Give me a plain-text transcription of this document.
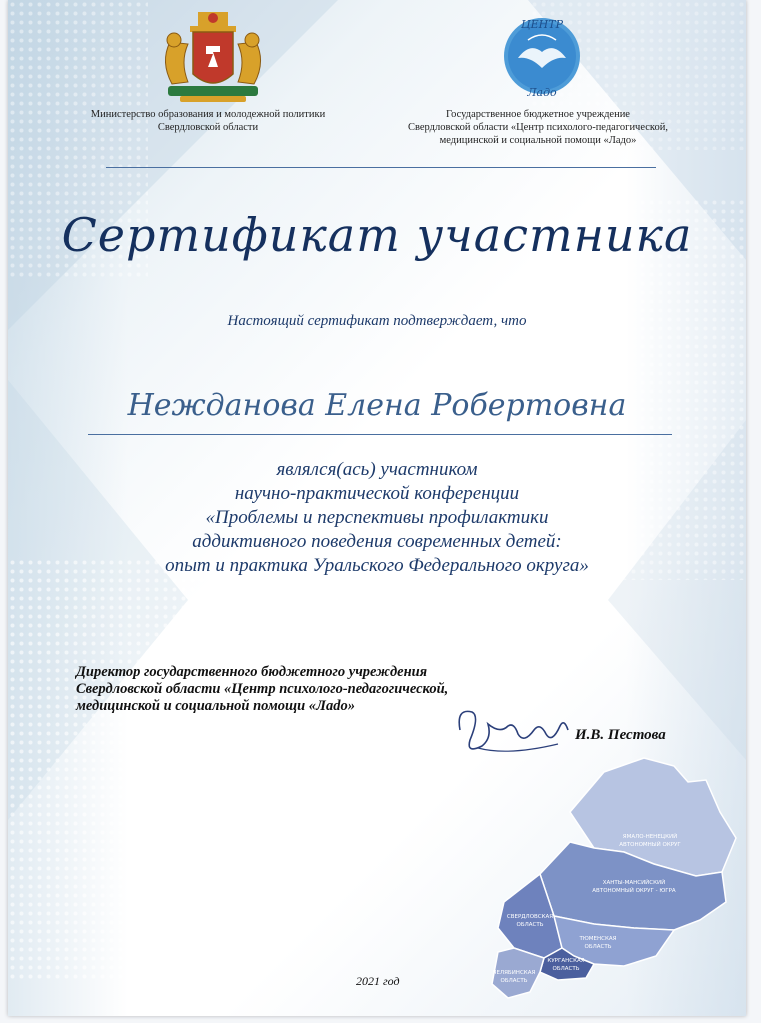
ЦЕНТР
Ладо
Министерство образования и молодежной политики
Свердловской области
Государственное бюджетное учреждение
Свердловской области «Центр психолого-педагогической,
медицинской и социальной помощи «Ладо»
Сертификат участника
Настоящий сертификат подтверждает, что
Нежданова Елена Робертовна
являлся(ась) участником
научно-практической конференции
«Проблемы и перспективы профилактики
аддиктивного поведения современных детей:
опыт и практика Уральского Федерального округа»
Директор государственного бюджетного учреждения
Свердловской области «Центр психолого-педагогической,
медицинской и социальной помощи «Лado»
И.В. Пестова
ЯМАЛО-НЕНЕЦКИЙ
АВТОНОМНЫЙ ОКРУГ
ХАНТЫ-МАНСИЙСКИЙ
АВТОНОМНЫЙ ОКРУГ - ЮГРА
СВЕРДЛОВСКАЯ
ОБЛАСТЬ
ТЮМЕНСКАЯ
ОБЛАСТЬ
КУРГАНСКАЯ
ОБЛАСТЬ
ЧЕЛЯБИНСКАЯ
ОБЛАСТЬ
2021 год
